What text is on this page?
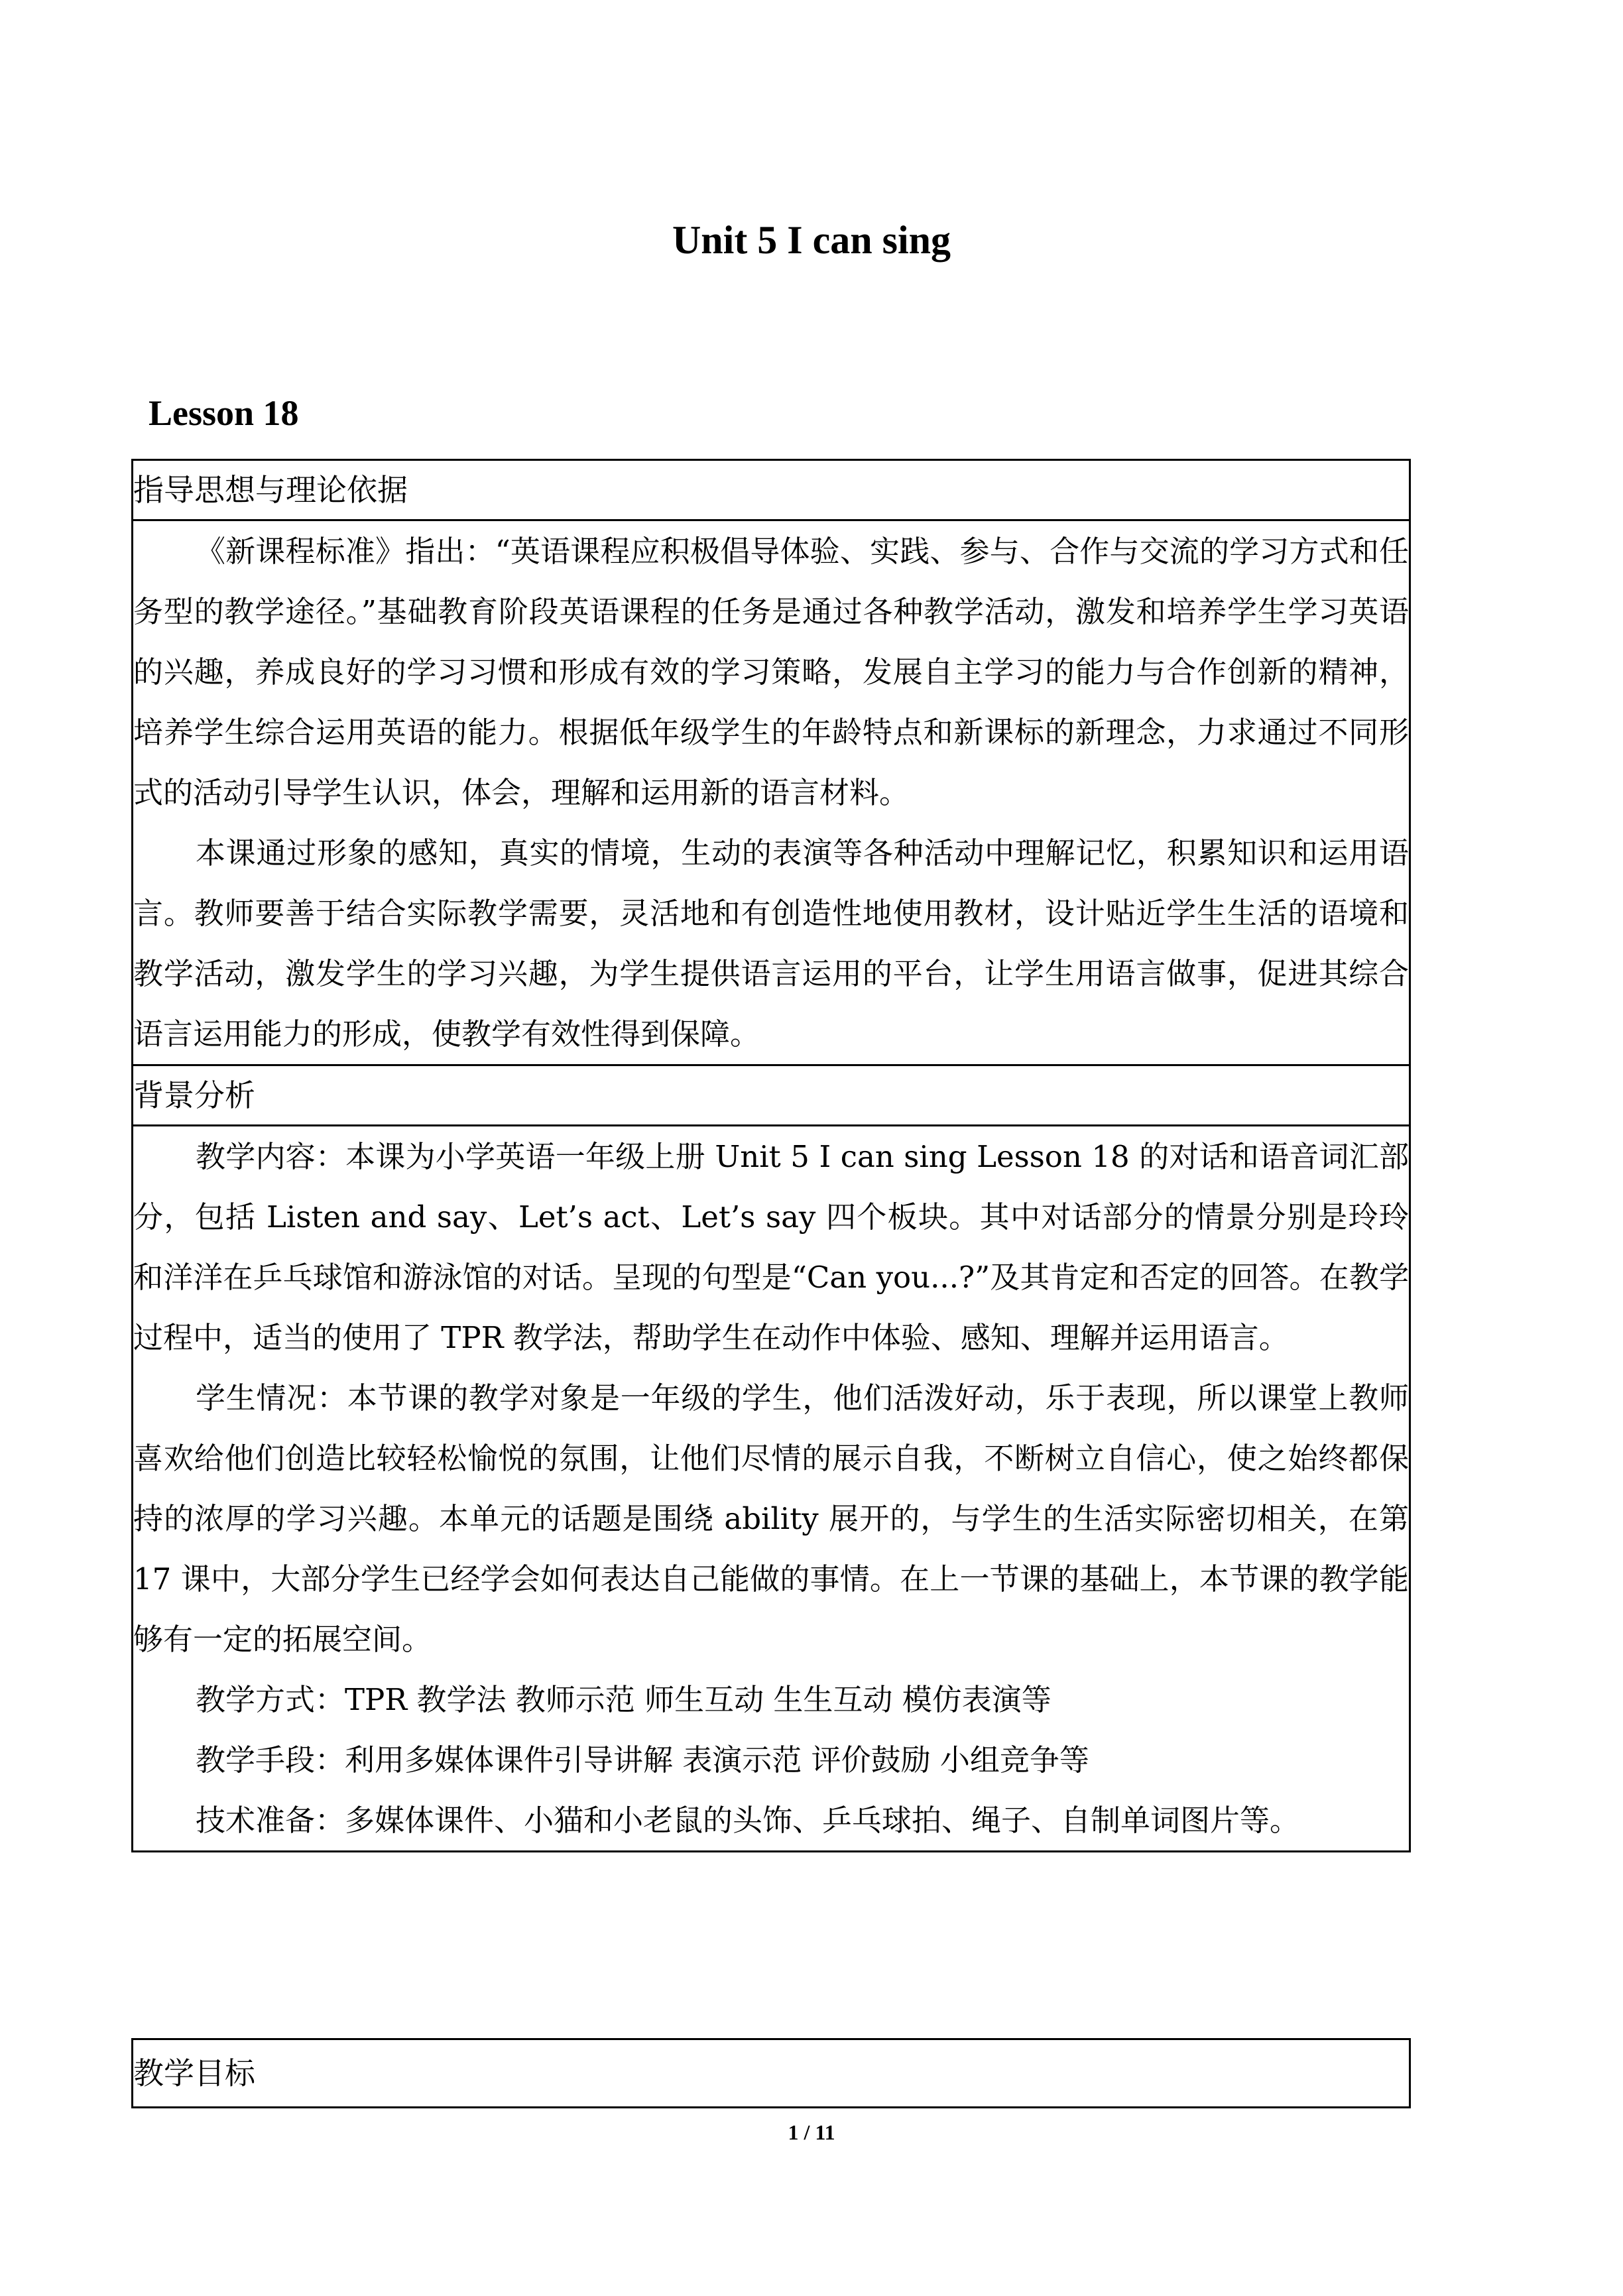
Unit 5 I can sing
Lesson 18
指导思想与理论依据

《新课程标准》指出：“英语课程应积极倡导体验、实践、参与、合作与交流的学习方式和任务型的教学途径。”基础教育阶段英语课程的任务是通过各种教学活动，激发和培养学生学习英语的兴趣，养成良好的学习习惯和形成有效的学习策略，发展自主学习的能力与合作创新的精神，培养学生综合运用英语的能力。根据低年级学生的年龄特点和新课标的新理念，力求通过不同形式的活动引导学生认识，体会，理解和运用新的语言材料。

本课通过形象的感知，真实的情境，生动的表演等各种活动中理解记忆，积累知识和运用语言。教师要善于结合实际教学需要，灵活地和有创造性地使用教材，设计贴近学生生活的语境和教学活动，激发学生的学习兴趣，为学生提供语言运用的平台，让学生用语言做事，促进其综合语言运用能力的形成，使教学有效性得到保障。

背景分析

教学内容：本课为小学英语一年级上册 Unit 5 I can sing Lesson 18 的对话和语音词汇部分，包括 Listen and say、Let’s act、Let’s say 四个板块。其中对话部分的情景分别是玲玲和洋洋在乒乓球馆和游泳馆的对话。呈现的句型是“Can you...?”及其肯定和否定的回答。在教学过程中，适当的使用了 TPR 教学法，帮助学生在动作中体验、感知、理解并运用语言。

学生情况：本节课的教学对象是一年级的学生，他们活泼好动，乐于表现，所以课堂上教师喜欢给他们创造比较轻松愉悦的氛围，让他们尽情的展示自我，不断树立自信心，使之始终都保持的浓厚的学习兴趣。本单元的话题是围绕 ability 展开的，与学生的生活实际密切相关，在第 17 课中，大部分学生已经学会如何表达自己能做的事情。在上一节课的基础上，本节课的教学能够有一定的拓展空间。

教学方式：TPR 教学法 教师示范 师生互动 生生互动 模仿表演等

教学手段：利用多媒体课件引导讲解 表演示范 评价鼓励 小组竞争等

技术准备：多媒体课件、小猫和小老鼠的头饰、乒乓球拍、绳子、自制单词图片等。

教学目标
1 / 11
